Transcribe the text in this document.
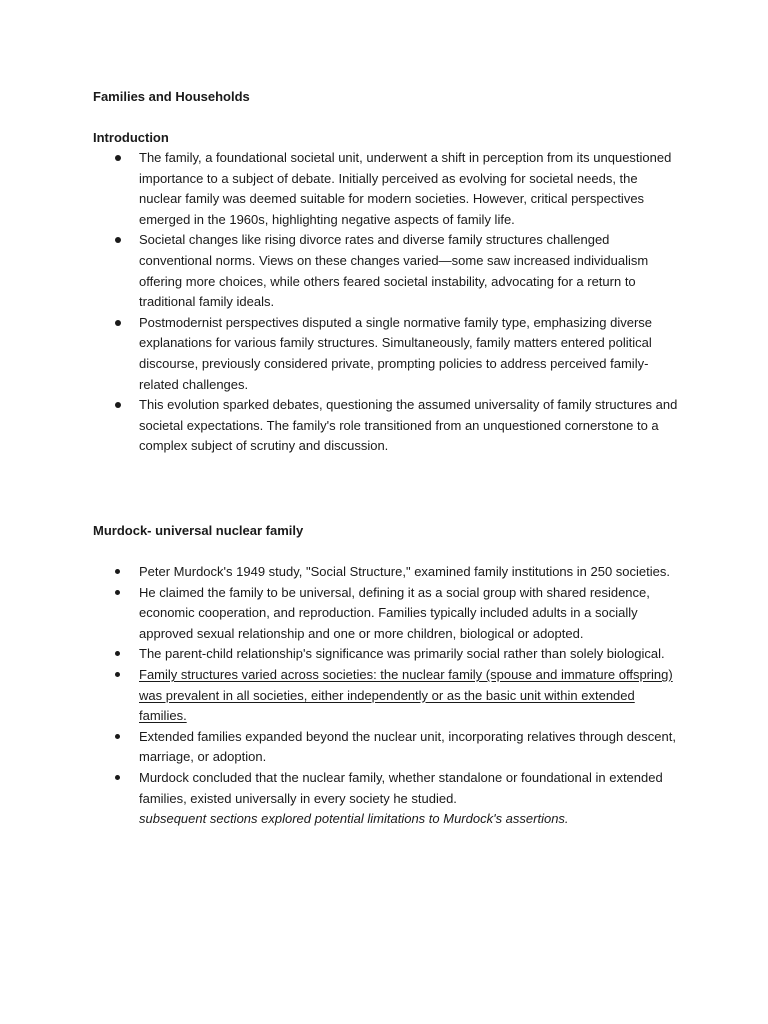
Families and Households

Introduction

The family, a foundational societal unit, underwent a shift in perception from its unquestioned importance to a subject of debate. Initially perceived as evolving for societal needs, the nuclear family was deemed suitable for modern societies. However, critical perspectives emerged in the 1960s, highlighting negative aspects of family life.
Societal changes like rising divorce rates and diverse family structures challenged conventional norms. Views on these changes varied—some saw increased individualism offering more choices, while others feared societal instability, advocating for a return to traditional family ideals.
Postmodernist perspectives disputed a single normative family type, emphasizing diverse explanations for various family structures. Simultaneously, family matters entered political discourse, previously considered private, prompting policies to address perceived family-related challenges.
This evolution sparked debates, questioning the assumed universality of family structures and societal expectations. The family's role transitioned from an unquestioned cornerstone to a complex subject of scrutiny and discussion.

Murdock- universal nuclear family

Peter Murdock's 1949 study, "Social Structure," examined family institutions in 250 societies.
He claimed the family to be universal, defining it as a social group with shared residence, economic cooperation, and reproduction. Families typically included adults in a socially approved sexual relationship and one or more children, biological or adopted.
The parent-child relationship's significance was primarily social rather than solely biological.
Family structures varied across societies: the nuclear family (spouse and immature offspring) was prevalent in all societies, either independently or as the basic unit within extended families.
Extended families expanded beyond the nuclear unit, incorporating relatives through descent, marriage, or adoption.
Murdock concluded that the nuclear family, whether standalone or foundational in extended families, existed universally in every society he studied.
subsequent sections explored potential limitations to Murdock's assertions.
